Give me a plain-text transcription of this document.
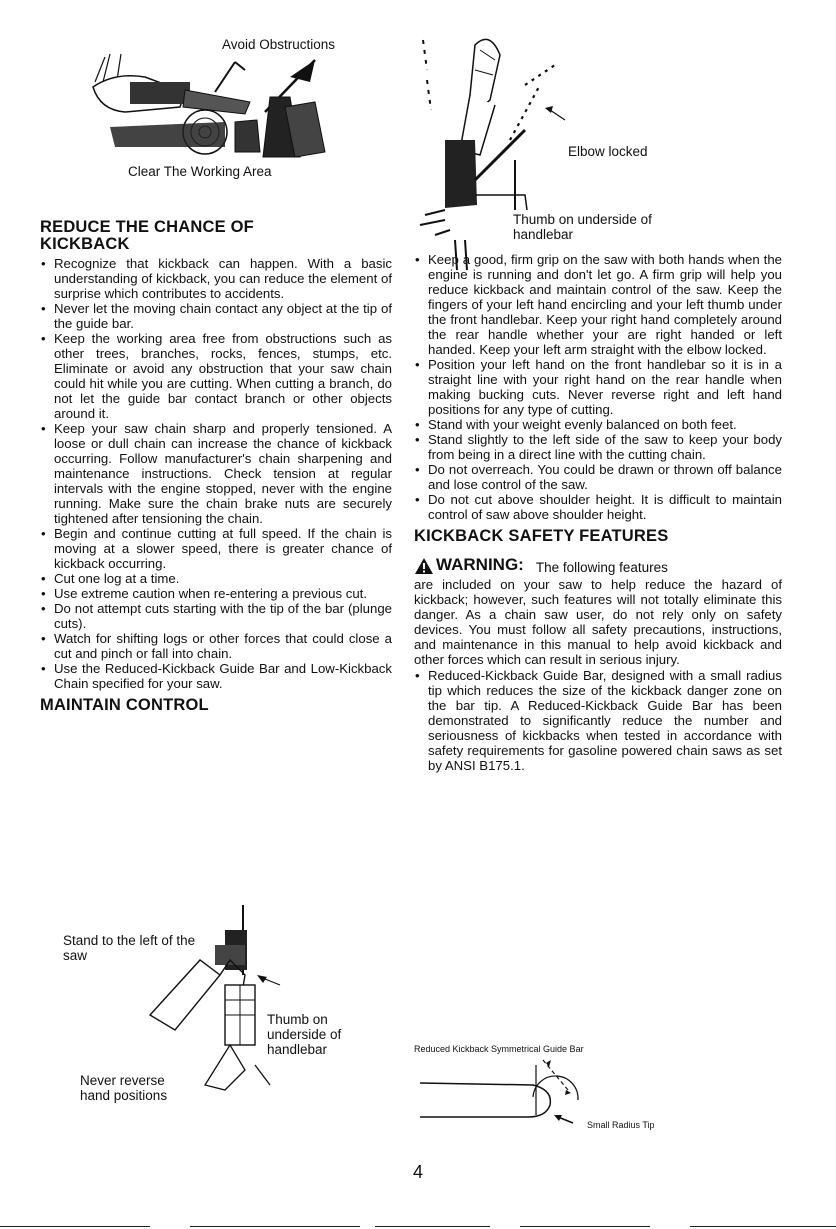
Avoid Obstructions
Clear The Working Area
REDUCE THE CHANCE OF KICKBACK
• Recognize that kickback can happen. With a basic understanding of kickback, you can reduce the element of surprise which contributes to accidents.
• Never let the moving chain contact any object at the tip of the guide bar.
• Keep the working area free from obstructions such as other trees, branches, rocks, fences, stumps, etc. Eliminate or avoid any obstruction that your saw chain could hit while you are cutting. When cutting a branch, do not let the guide bar contact branch or other objects around it.
• Keep your saw chain sharp and properly tensioned. A loose or dull chain can increase the chance of kickback occurring. Follow manufacturer's chain sharpening and maintenance instructions. Check tension at regular intervals with the engine stopped, never with the engine running. Make sure the chain brake nuts are securely tightened after tensioning the chain.
• Begin and continue cutting at full speed. If the chain is moving at a slower speed, there is greater chance of kickback occurring.
• Cut one log at a time.
• Use extreme caution when re-entering a previous cut.
• Do not attempt cuts starting with the tip of the bar (plunge cuts).
• Watch for shifting logs or other forces that could close a cut and pinch or fall into chain.
• Use the Reduced-Kickback Guide Bar and Low-Kickback Chain specified for your saw.
MAINTAIN CONTROL
Stand to the left of the saw
Thumb on underside of handlebar
Never reverse hand positions
Elbow locked
Thumb on underside of handlebar
• Keep a good, firm grip on the saw with both hands when the engine is running and don't let go. A firm grip will help you reduce kickback and maintain control of the saw. Keep the fingers of your left hand encircling and your left thumb under the front handlebar. Keep your right hand completely around the rear handle whether your are right handed or left handed. Keep your left arm straight with the elbow locked.
• Position your left hand on the front handlebar so it is in a straight line with your right hand on the rear handle when making bucking cuts. Never reverse right and left hand positions for any type of cutting.
• Stand with your weight evenly balanced on both feet.
• Stand slightly to the left side of the saw to keep your body from being in a direct line with the cutting chain.
• Do not overreach. You could be drawn or thrown off balance and lose control of the saw.
• Do not cut above shoulder height. It is difficult to maintain control of saw above shoulder height.
KICKBACK SAFETY FEATURES
WARNING: The following features
are included on your saw to help reduce the hazard of kickback; however, such features will not totally eliminate this danger. As a chain saw user, do not rely only on safety devices. You must follow all safety precautions, instructions, and maintenance in this manual to help avoid kickback and other forces which can result in serious injury.
• Reduced-Kickback Guide Bar, designed with a small radius tip which reduces the size of the kickback danger zone on the bar tip. A Reduced-Kickback Guide Bar has been demonstrated to significantly reduce the number and seriousness of kickbacks when tested in accordance with safety requirements for gasoline powered chain saws as set by ANSI B175.1.
Reduced Kickback Symmetrical Guide Bar
Small Radius Tip
4
